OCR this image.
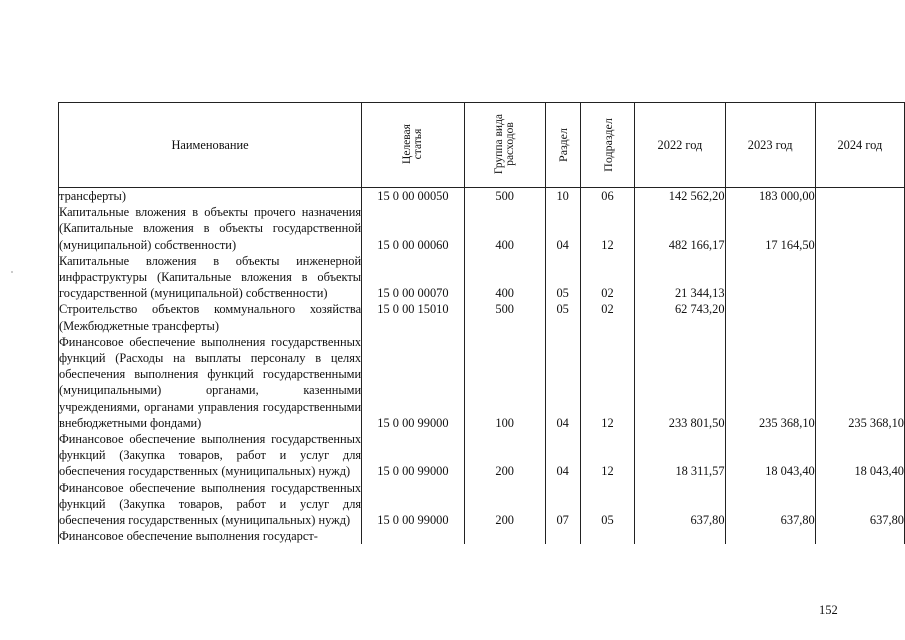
Наименование	Целевая статья	Группа вида расходов	Раздел	Подраздел	2022 год	2023 год	2024 год
трансферты)	15 0 00 00050	500	10	06	142 562,20	183 000,00	
Капитальные вложения в объекты прочего назначения (Капитальные вложения в объекты государственной (муниципальной) собственности)	15 0 00 00060	400	04	12	482 166,17	17 164,50	
Капитальные вложения в объекты инженерной инфраструктуры (Капитальные вложения в объекты государственной (муниципальной) собственности)	15 0 00 00070	400	05	02	21 344,13		
Строительство объектов коммунального хозяйства (Межбюджетные трансферты)	15 0 00 15010	500	05	02	62 743,20		
Финансовое обеспечение выполнения государственных функций (Расходы на выплаты персоналу в целях обеспечения выполнения функций государственными (муниципальными) органами, казенными учреждениями, органами управления государственными внебюджетными фондами)	15 0 00 99000	100	04	12	233 801,50	235 368,10	235 368,10
Финансовое обеспечение выполнения государственных функций (Закупка товаров, работ и услуг для обеспечения государственных (муниципальных) нужд)	15 0 00 99000	200	04	12	18 311,57	18 043,40	18 043,40
Финансовое обеспечение выполнения государственных функций (Закупка товаров, работ и услуг для обеспечения государственных (муниципальных) нужд)	15 0 00 99000	200	07	05	637,80	637,80	637,80
Финансовое обеспечение выполнения государст-							
152
